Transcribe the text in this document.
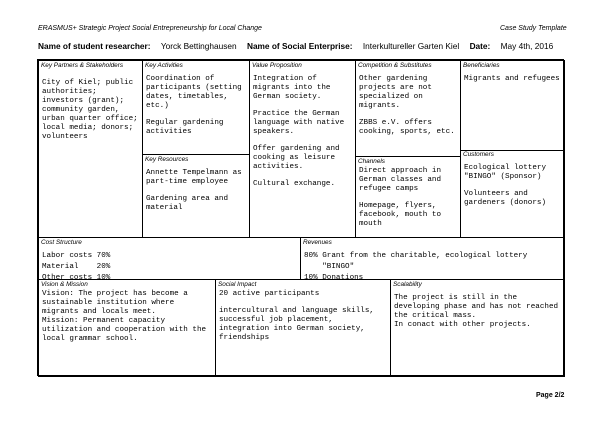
ERASMUS+ Strategic Project Social Entrepreneurship for Local Change	Case Study Template
Name of student researcher: Yorck Bettinghausen Name of Social Enterprise: Interkultureller Garten Kiel Date: May 4th, 2016
Key Partners & Stakeholders
City of Kiel; public authorities; investors (grant); community garden, urban quarter office; local media; donors; volunteers
Key Activities
Coordination of participants (setting dates, timetables, etc.)
Regular gardening activities
Key Resources
Annette Tempelmann as part-time employee
Gardening area and material
Value Proposition
Integration of migrants into the German society.
Practice the German language with native speakers.
Offer gardening and cooking as leisure activities.
Cultural exchange.
Competition & Substitutes
Other gardening projects are not specialized on migrants.
ZBBS e.V. offers cooking, sports, etc.
Channels
Direct approach in German classes and refugee camps
Homepage, flyers, facebook, mouth to mouth
Beneficiaries
Migrants and refugees
Customers
Ecological lottery "BINGO" (Sponsor)
Volunteers and gardeners (donors)
Cost Structure
Labor costs 70%
Material    20%
Other costs 10%
Revenues
80% Grant from the charitable, ecological lottery
"BINGO"
10% Donations
Vision & Mission
Vision: The project has become a sustainable institution where migrants and locals meet.
Mission: Permanent capacity utilization and cooperation with the local grammar school.
Social Impact
20 active participants
intercultural and language skills, successful job placement, integration into German society, friendships
Scalability
The project is still in the developing phase and has not reached the critical mass.
In conact with other projects.
Page 2/2
